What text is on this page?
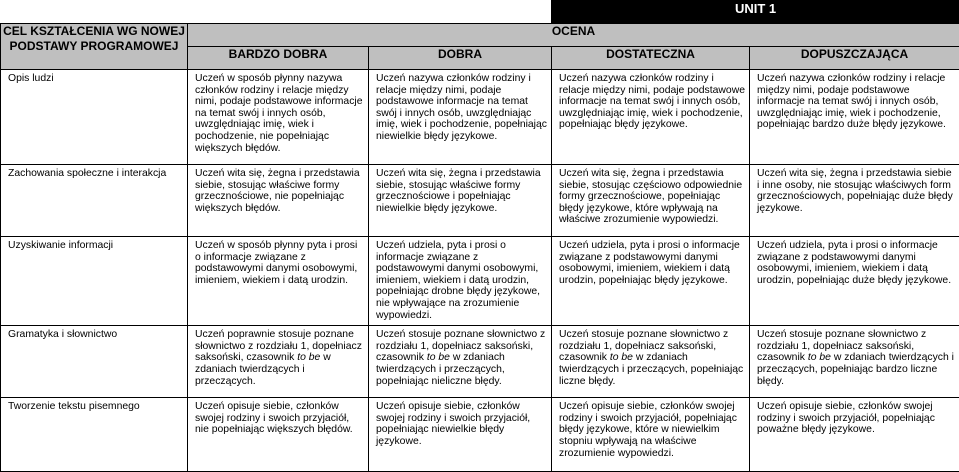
			UNIT 1	
CEL KSZTAŁCENIA WG NOWEJ PODSTAWY PROGRAMOWEJ	OCENA			
	BARDZO DOBRA	DOBRA	DOSTATECZNA	DOPUSZCZAJĄCA
Opis ludzi	Uczeń w sposób płynny nazywa członków rodziny i relacje między nimi, podaje podstawowe informacje na temat swój i innych osób, uwzględniając imię, wiek i pochodzenie, nie popełniając większych błędów.	Uczeń nazywa członków rodziny i relacje między nimi, podaje podstawowe informacje na temat swój i innych osób, uwzględniając imię, wiek i pochodzenie, popełniając niewielkie błędy językowe.	Uczeń nazywa członków rodziny i relacje między nimi, podaje podstawowe informacje na temat swój i innych osób, uwzględniając imię, wiek i pochodzenie, popełniając błędy językowe.	Uczeń nazywa członków rodziny i relacje między nimi, podaje podstawowe informacje na temat swój i innych osób, uwzględniając imię, wiek i pochodzenie, popełniając bardzo duże błędy językowe.
Zachowania społeczne i interakcja	Uczeń wita się, żegna i przedstawia siebie, stosując właściwe formy grzecznościowe, nie popełniając większych błędów.	Uczeń wita się, żegna i przedstawia siebie, stosując właściwe formy grzecznościowe i popełniając niewielkie błędy językowe.	Uczeń wita się, żegna i przedstawia siebie, stosując częściowo odpowiednie formy grzecznościowe, popełniając błędy językowe, które wpływają na właściwe zrozumienie wypowiedzi.	Uczeń wita się, żegna i przedstawia siebie i inne osoby, nie stosując właściwych form grzecznościowych, popełniając duże błędy językowe.
Uzyskiwanie informacji	Uczeń w sposób płynny pyta i prosi o informacje związane z podstawowymi danymi osobowymi, imieniem, wiekiem i datą urodzin.	Uczeń udziela, pyta i prosi o informacje związane z podstawowymi danymi osobowymi, imieniem, wiekiem i datą urodzin, popełniając drobne błędy językowe, nie wpływające na zrozumienie wypowiedzi.	Uczeń udziela, pyta i prosi o informacje związane z podstawowymi danymi osobowymi, imieniem, wiekiem i datą urodzin, popełniając błędy językowe.	Uczeń udziela, pyta i prosi o informacje związane z podstawowymi danymi osobowymi, imieniem, wiekiem i datą urodzin, popełniając duże błędy językowe.
Gramatyka i słownictwo	Uczeń poprawnie stosuje poznane słownictwo z rozdziału 1, dopełniacz saksoński, czasownik to be w zdaniach twierdzących i przeczących.	Uczeń stosuje poznane słownictwo z rozdziału 1, dopełniacz saksoński, czasownik to be w zdaniach twierdzących i przeczących, popełniając nieliczne błędy.	Uczeń stosuje poznane słownictwo z rozdziału 1, dopełniacz saksoński, czasownik to be w zdaniach twierdzących i przeczących, popełniając liczne błędy.	Uczeń stosuje poznane słownictwo z rozdziału 1, dopełniacz saksoński, czasownik to be w zdaniach twierdzących i przeczących, popełniając bardzo liczne błędy.
Tworzenie tekstu pisemnego	Uczeń opisuje siebie, członków swojej rodziny i swoich przyjaciół, nie popełniając większych błędów.	Uczeń opisuje siebie, członków swojej rodziny i swoich przyjaciół, popełniając niewielkie błędy językowe.	Uczeń opisuje siebie, członków swojej rodziny i swoich przyjaciół, popełniając błędy językowe, które w niewielkim stopniu wpływają na właściwe zrozumienie wypowiedzi.	Uczeń opisuje siebie, członków swojej rodziny i swoich przyjaciół, popełniając poważne błędy językowe.
